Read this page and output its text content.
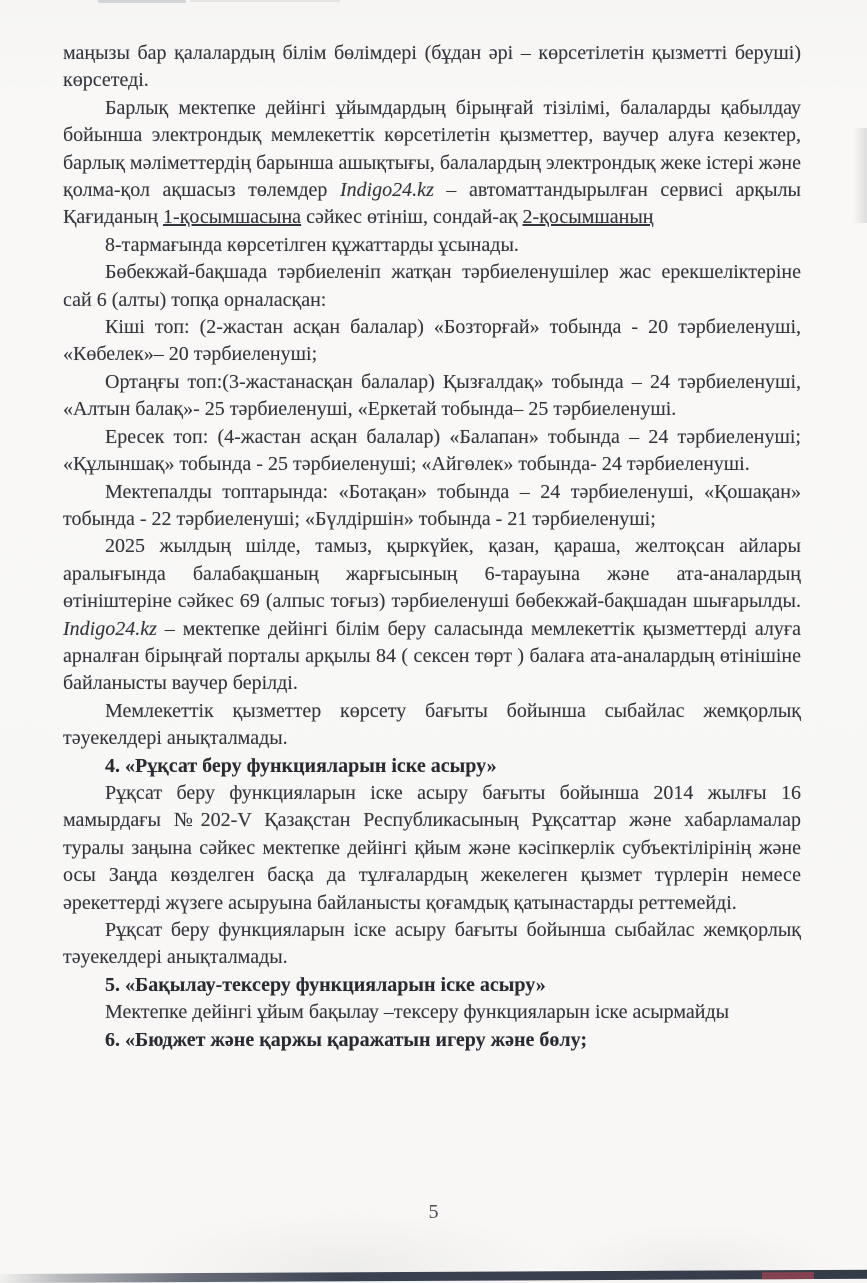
маңызы бар қалалардың білім бөлімдері (бұдан әрі – көрсетілетін қызметті беруші) көрсетеді.

Барлық мектепке дейінгі ұйымдардың бірыңғай тізілімі, балаларды қабылдау бойынша электрондық мемлекеттік көрсетілетін қызметтер, ваучер алуға кезектер, барлық мәліметтердің барынша ашықтығы, балалардың электрондық жеке істері және қолма-қол ақшасыз төлемдер Indigo24.kz – автоматтандырылған сервисі арқылы Қағиданың 1-қосымшасына сәйкес өтініш, сондай-ақ 2-қосымшаның

8-тармағында көрсетілген құжаттарды ұсынады.

Бөбекжай-бақшада тәрбиеленіп жатқан тәрбиеленушілер жас ерекшеліктеріне сай 6 (алты) топқа орналасқан:

Кіші топ: (2-жастан асқан балалар) «Бозторғай» тобында - 20 тәрбиеленуші, «Көбелек»– 20 тәрбиеленуші;

Ортаңғы топ:(3-жастанасқан балалар) Қызғалдақ» тобында – 24 тәрбиеленуші, «Алтын балақ»- 25 тәрбиеленуші, «Еркетай тобында– 25 тәрбиеленуші.

Ересек топ: (4-жастан асқан балалар) «Балапан» тобында – 24 тәрбиеленуші; «Құлыншақ» тобында - 25 тәрбиеленуші; «Айгөлек» тобында- 24 тәрбиеленуші.

Мектепалды топтарында: «Ботақан» тобында – 24 тәрбиеленуші, «Қошақан» тобында - 22 тәрбиеленуші; «Бүлдіршін» тобында - 21 тәрбиеленуші;

2025 жылдың шілде, тамыз, қыркүйек, қазан, қараша, желтоқсан айлары аралығында балабақшаның жарғысының 6-тарауына және ата-аналардың өтініштеріне сәйкес 69 (алпыс тоғыз) тәрбиеленуші бөбекжай-бақшадан шығарылды. Indigo24.kz – мектепке дейінгі білім беру саласында мемлекеттік қызметтерді алуға арналған бірыңғай порталы арқылы 84 ( сексен төрт ) балаға ата-аналардың өтінішіне байланысты ваучер берілді.

Мемлекеттік қызметтер көрсету бағыты бойынша сыбайлас жемқорлық тәуекелдері анықталмады.

4. «Рұқсат беру функцияларын іске асыру»

Рұқсат беру функцияларын іске асыру бағыты бойынша 2014 жылғы 16 мамырдағы №202-V Қазақстан Республикасының Рұқсаттар және хабарламалар туралы заңына сәйкес мектепке дейінгі қйым және кәсіпкерлік субъектілірінің және осы Заңда көзделген басқа да тұлғалардың жекелеген қызмет түрлерін немесе әрекеттерді жүзеге асыруына байланысты қоғамдық қатынастарды реттемейді.

Рұқсат беру функцияларын іске асыру бағыты бойынша сыбайлас жемқорлық тәуекелдері анықталмады.

5. «Бақылау-тексеру функцияларын іске асыру»

Мектепке дейінгі ұйым бақылау –тексеру функцияларын іске асырмайды

6. «Бюджет және қаржы қаражатын игеру және бөлу;

5
